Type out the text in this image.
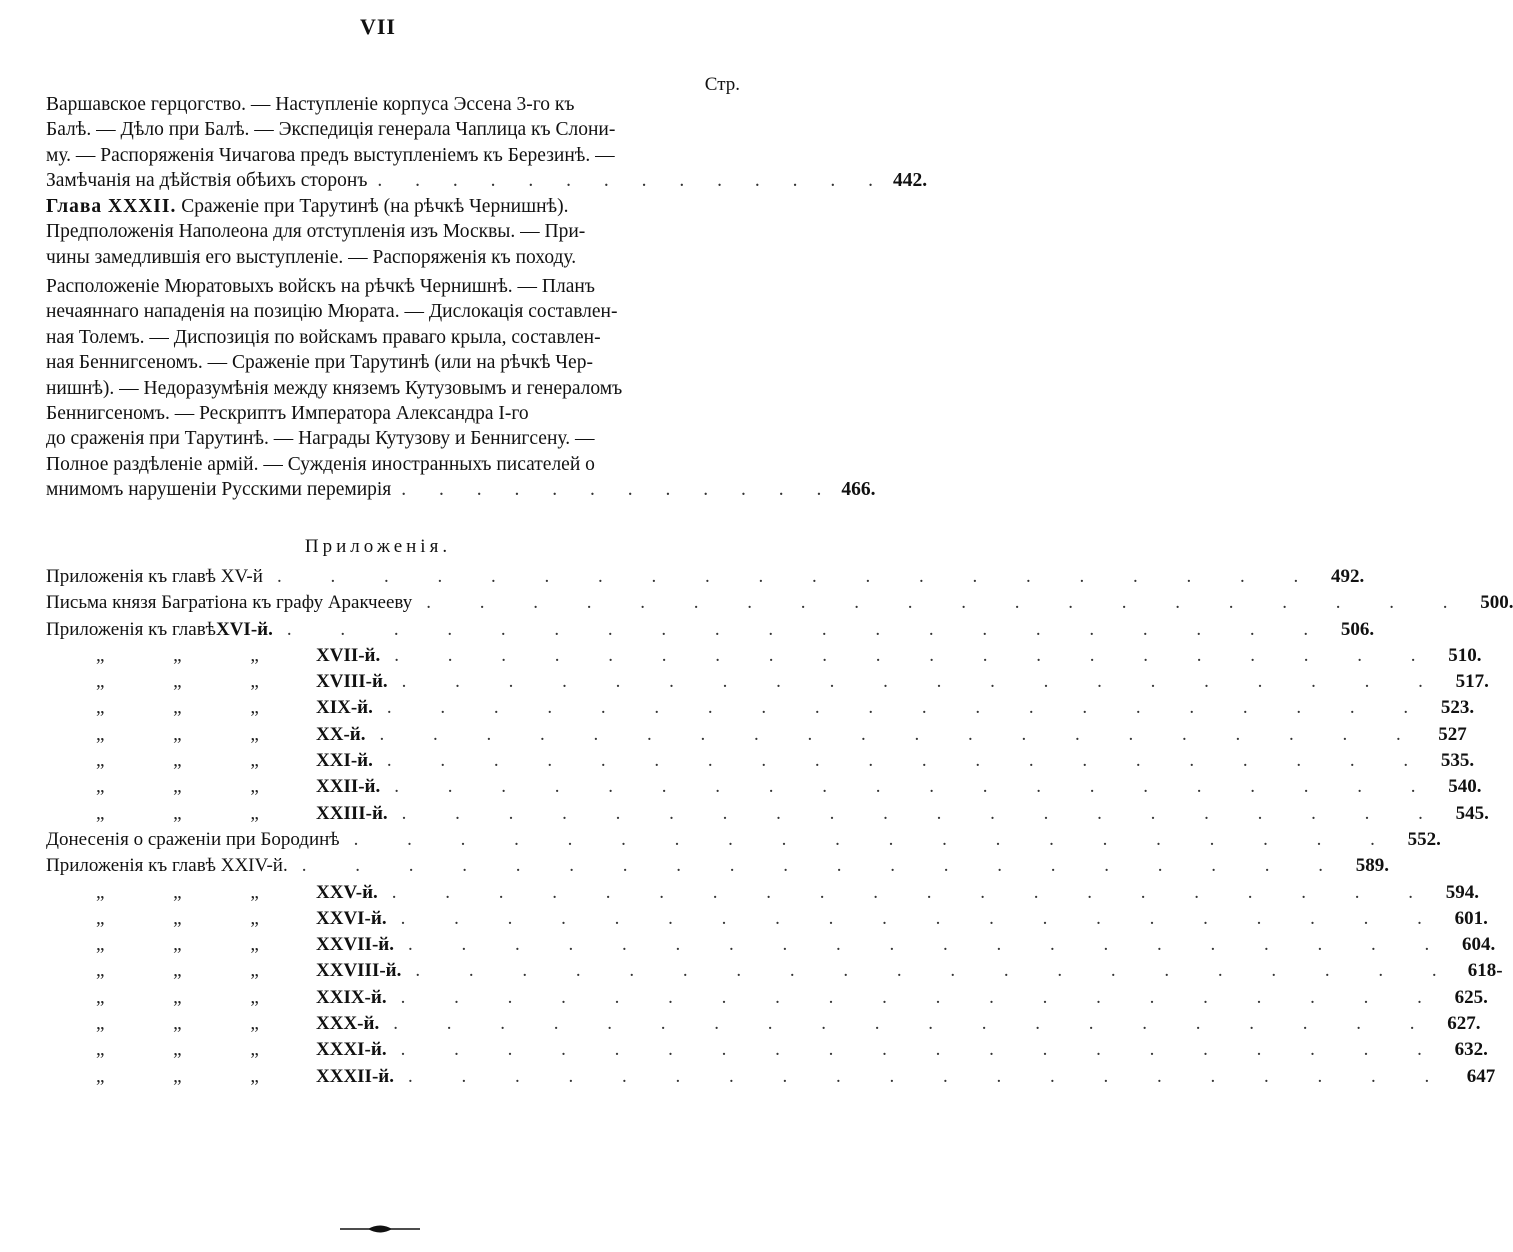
VII
Стр.
Варшавское герцогство. — Наступленіе корпуса Эссена 3-го къ
Балѣ. — Дѣло при Балѣ. — Экспедиція генерала Чаплица къ Слони-
му. — Распоряженія Чичагова предъ выступленіемъ къ Березинѣ. —
Замѣчанія на дѣйствія обѣихъ сторонъ . . . . . . . . . . . . . . 442.
Глава XXXII. Сраженіе при Тарутинѣ (на рѣчкѣ Чернишнѣ).
Предположенія Наполеона для отступленія изъ Москвы. — При-
чины замедлившія его выступленіе. — Распоряженія къ походу.
Расположеніе Мюратовыхъ войскъ на рѣчкѣ Чернишнѣ. — Планъ
нечаяннаго нападенія на позицію Мюрата. — Дислокація составлен-
ная Толемъ. — Диспозиція по войскамъ праваго крыла, составлен-
ная Беннигсеномъ. — Сраженіе при Тарутинѣ (или на рѣчкѣ Чер-
нишнѣ). — Недоразумѣнія между княземъ Кутузовымъ и генераломъ
Беннигсеномъ. — Рескриптъ Императора Александра I-го
до сраженія при Тарутинѣ. — Награды Кутузову и Беннигсену. —
Полное раздѣленіе армій. — Сужденія иностранныхъ писателей о
мнимомъ нарушеніи Русскими перемирія . . . . . . . . . . . . 466.
Приложенія.
Приложенія къ главѣ XV-й . . . . . . . . . . . . . . . . . . . . 492.
Письма князя Багратіона къ графу Аракчееву . . . . . . . . . . . . . . . . . . . . 500.
Приложенія къ главѣ XVI-й. . . . . . . . . . . . . . . . . . . . . 506.
„ „ „	XVII-й. . . . . . . . . . . . . . . . . . . . . 510.
„ „ „	XVIII-й. . . . . . . . . . . . . . . . . . . . . 517.
„ „ „	XIX-й. . . . . . . . . . . . . . . . . . . . . 523.
„ „ „	XX-й. . . . . . . . . . . . . . . . . . . . . 527
„ „ „	XXI-й. . . . . . . . . . . . . . . . . . . . . 535.
„ „ „	XXII-й. . . . . . . . . . . . . . . . . . . . . 540.
„ „ „	XXIII-й. . . . . . . . . . . . . . . . . . . . . 545.
Донесенія о сраженіи при Бородинѣ . . . . . . . . . . . . . . . . . . . . 552.
Приложенія къ главѣ XXIV-й. . . . . . . . . . . . . . . . . . . . . 589.
„ „ „	XXV-й. . . . . . . . . . . . . . . . . . . . . 594.
„ „ „	XXVI-й. . . . . . . . . . . . . . . . . . . . . 601.
„ „ „	XXVII-й. . . . . . . . . . . . . . . . . . . . . 604.
„ „ „	XXVIII-й. . . . . . . . . . . . . . . . . . . . . 618-
„ „ „	XXIX-й. . . . . . . . . . . . . . . . . . . . . 625.
„ „ „	XXX-й. . . . . . . . . . . . . . . . . . . . . 627.
„ „ „	XXXI-й. . . . . . . . . . . . . . . . . . . . . 632.
„ „ „	XXXII-й. . . . . . . . . . . . . . . . . . . . . 647
